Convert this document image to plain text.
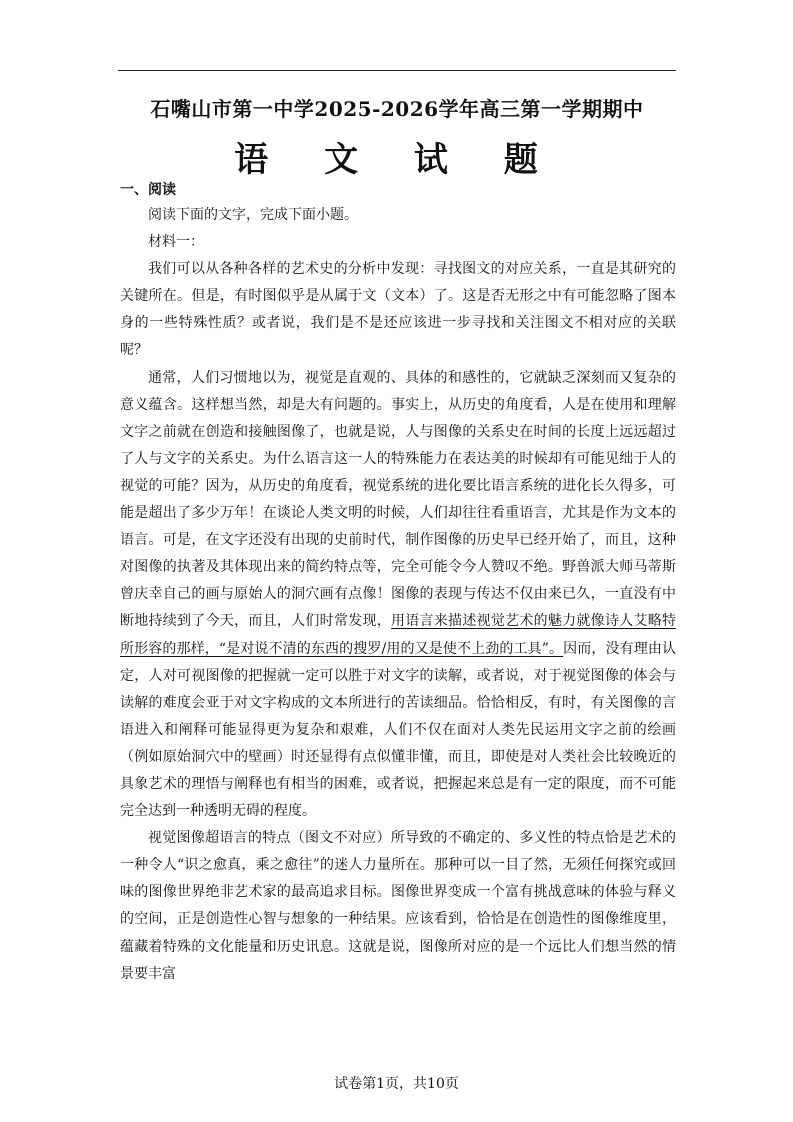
石嘴山市第一中学2025-2026学年高三第一学期期中
语 文 试 题
一、阅读

阅读下面的文字，完成下面小题。

材料一：

我们可以从各种各样的艺术史的分析中发现：寻找图文的对应关系，一直是其研究的关键所在。但是，有时图似乎是从属于文（文本）了。这是否无形之中有可能忽略了图本身的一些特殊性质？或者说，我们是不是还应该进一步寻找和关注图文不相对应的关联呢？

通常，人们习惯地以为，视觉是直观的、具体的和感性的，它就缺乏深刻而又复杂的意义蕴含。这样想当然，却是大有问题的。事实上，从历史的角度看，人是在使用和理解文字之前就在创造和接触图像了，也就是说，人与图像的关系史在时间的长度上远远超过了人与文字的关系史。为什么语言这一人的特殊能力在表达美的时候却有可能见绌于人的视觉的可能？因为，从历史的角度看，视觉系统的进化要比语言系统的进化长久得多，可能是超出了多少万年！在谈论人类文明的时候，人们却往往看重语言，尤其是作为文本的语言。可是，在文字还没有出现的史前时代，制作图像的历史早已经开始了，而且，这种对图像的执著及其体现出来的简约特点等，完全可能令今人赞叹不绝。野兽派大师马蒂斯曾庆幸自己的画与原始人的洞穴画有点像！图像的表现与传达不仅由来已久，一直没有中断地持续到了今天，而且，人们时常发现，用语言来描述视觉艺术的魅力就像诗人艾略特所形容的那样，“是对说不清的东西的搜罗/用的又是使不上劲的工具”。因而，没有理由认定，人对可视图像的把握就一定可以胜于对文字的读解，或者说，对于视觉图像的体会与读解的难度会亚于对文字构成的文本所进行的苦读细品。恰恰相反，有时，有关图像的言语进入和阐释可能显得更为复杂和艰难，人们不仅在面对人类先民运用文字之前的绘画（例如原始洞穴中的壁画）时还显得有点似懂非懂，而且，即使是对人类社会比较晚近的具象艺术的理悟与阐释也有相当的困难，或者说，把握起来总是有一定的限度，而不可能完全达到一种透明无碍的程度。

视觉图像超语言的特点（图文不对应）所导致的不确定的、多义性的特点恰是艺术的一种令人“识之愈真，乘之愈往”的迷人力量所在。那种可以一目了然，无须任何探究或回味的图像世界绝非艺术家的最高追求目标。图像世界变成一个富有挑战意味的体验与释义的空间，正是创造性心智与想象的一种结果。应该看到，恰恰是在创造性的图像维度里，蕴藏着特殊的文化能量和历史讯息。这就是说，图像所对应的是一个远比人们想当然的情景要丰富

试卷第1页，共10页
